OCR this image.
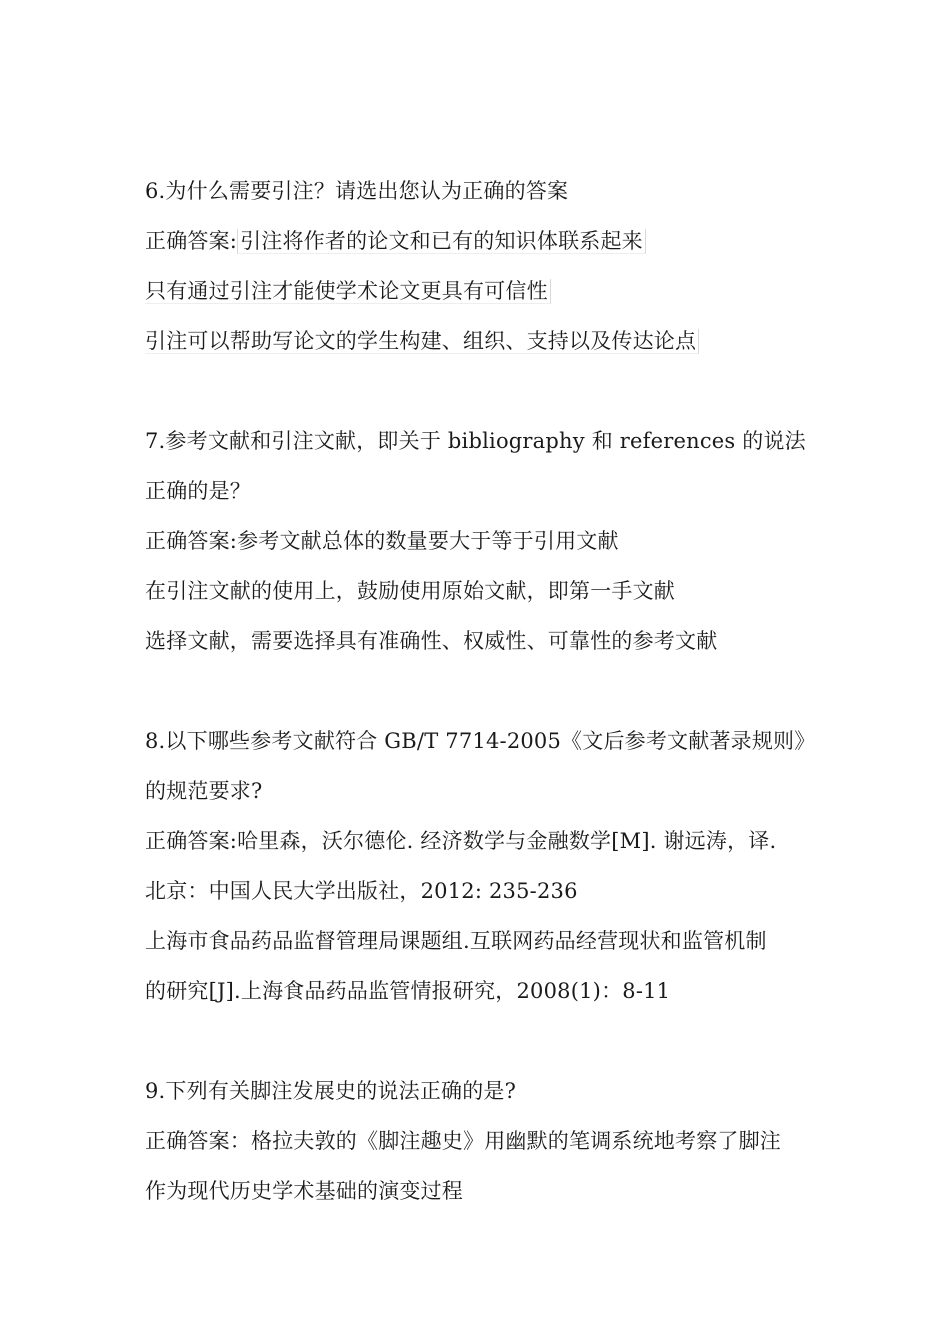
6.为什么需要引注？请选出您认为正确的答案
正确答案: 引注将作者的论文和已有的知识体联系起来
只有通过引注才能使学术论文更具有可信性
引注可以帮助写论文的学生构建、组织、支持以及传达论点
7.参考文献和引注文献，即关于 bibliography 和 references 的说法
正确的是？
正确答案:参考文献总体的数量要大于等于引用文献
在引注文献的使用上，鼓励使用原始文献，即第一手文献
选择文献，需要选择具有准确性、权威性、可靠性的参考文献
8.以下哪些参考文献符合 GB/T 7714-2005《文后参考文献著录规则》
的规范要求?
正确答案:哈里森，沃尔德伦. 经济数学与金融数学[M]. 谢远涛，译.
北京：中国人民大学出版社，2012: 235-236
上海市食品药品监督管理局课题组.互联网药品经营现状和监管机制
的研究[J].上海食品药品监管情报研究，2008(1)：8-11
9.下列有关脚注发展史的说法正确的是?
正确答案：格拉夫敦的《脚注趣史》用幽默的笔调系统地考察了脚注
作为现代历史学术基础的演变过程
